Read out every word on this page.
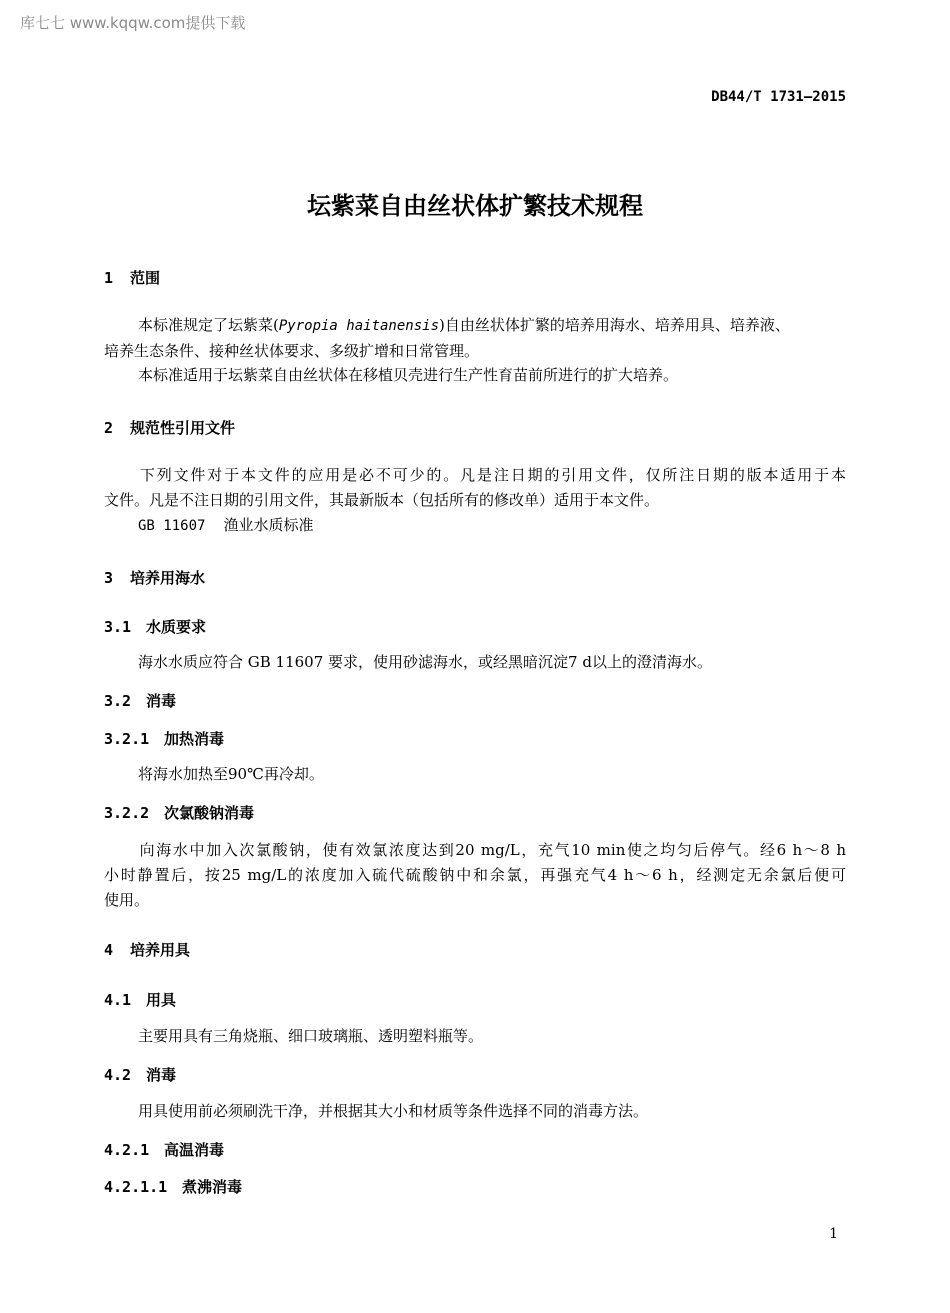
库七七 www.kqqw.com提供下载
DB44/T 1731—2015
坛紫菜自由丝状体扩繁技术规程
1 范围
本标准规定了坛紫菜(Pyropia haitanensis)自由丝状体扩繁的培养用海水、培养用具、培养液、
培养生态条件、接种丝状体要求、多级扩增和日常管理。
本标准适用于坛紫菜自由丝状体在移植贝壳进行生产性育苗前所进行的扩大培养。
2 规范性引用文件
下列文件对于本文件的应用是必不可少的。凡是注日期的引用文件，仅所注日期的版本适用于本
文件。凡是不注日期的引用文件，其最新版本（包括所有的修改单）适用于本文件。
GB 11607 渔业水质标准
3 培养用海水
3.1 水质要求
海水水质应符合 GB 11607 要求，使用砂滤海水，或经黑暗沉淀7 d以上的澄清海水。
3.2 消毒
3.2.1 加热消毒
将海水加热至90℃再冷却。
3.2.2 次氯酸钠消毒
向海水中加入次氯酸钠，使有效氯浓度达到20 mg/L，充气10 min使之均匀后停气。经6 h～8 h
小时静置后，按25 mg/L的浓度加入硫代硫酸钠中和余氯，再强充气4 h～6 h，经测定无余氯后便可
使用。
4 培养用具
4.1 用具
主要用具有三角烧瓶、细口玻璃瓶、透明塑料瓶等。
4.2 消毒
用具使用前必须刷洗干净，并根据其大小和材质等条件选择不同的消毒方法。
4.2.1 高温消毒
4.2.1.1 煮沸消毒
1
